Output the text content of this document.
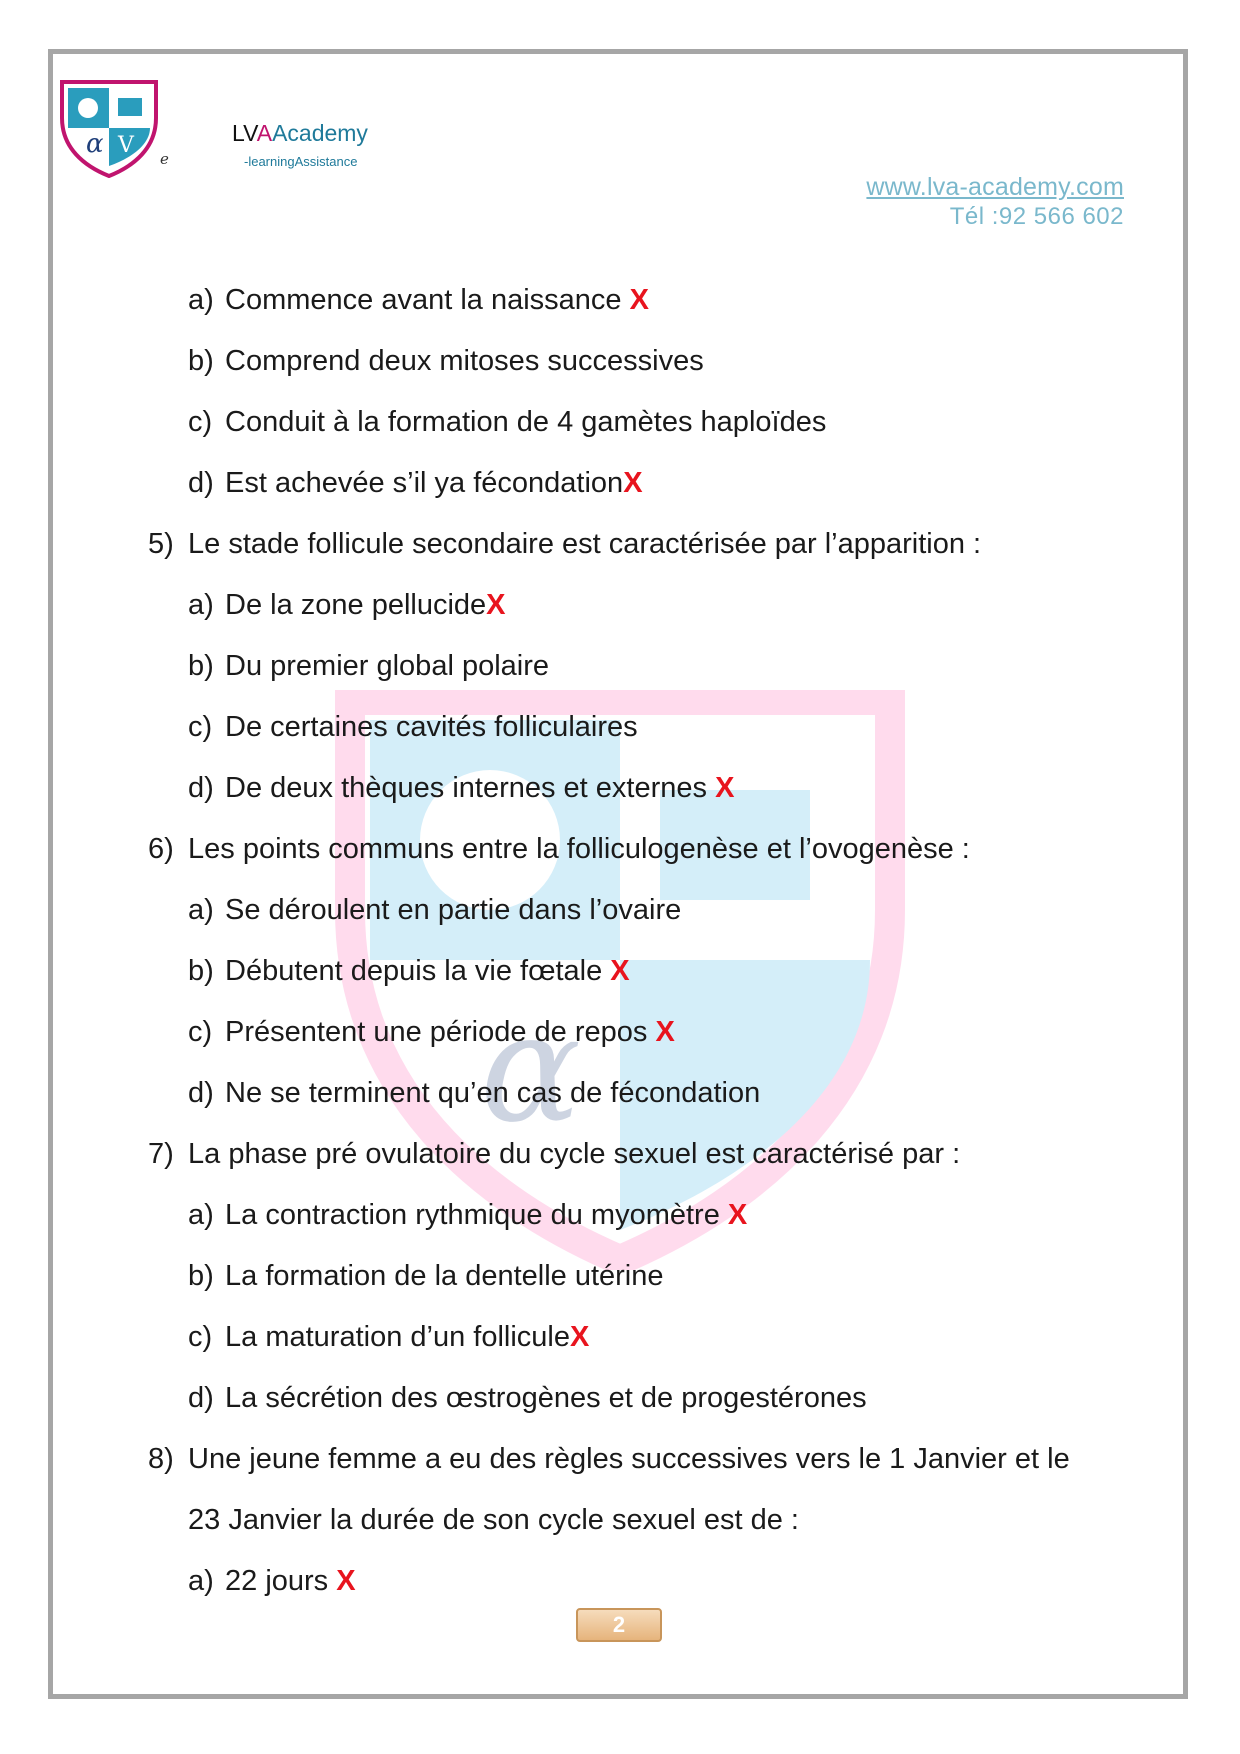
α V
e
LVAAcademy
-learningAssistance
www.lva-academy.com
Tél :92 566 602
α
a) Commence avant la naissance X
b) Comprend deux mitoses successives
c) Conduit à la formation de 4 gamètes haploïdes
d) Est achevée s’il ya fécondationX
5) Le stade follicule secondaire est caractérisée par l’apparition :
a) De la zone pellucideX
b) Du premier global polaire
c) De certaines cavités folliculaires
d) De deux thèques internes et externes X
6) Les points communs entre la folliculogenèse et l’ovogenèse :
a) Se déroulent en partie dans l’ovaire
b) Débutent depuis la vie fœtale X
c) Présentent une période de repos X
d) Ne se terminent qu’en cas de fécondation
7) La phase pré ovulatoire du cycle sexuel est caractérisé par :
a) La contraction rythmique du myomètre X
b) La formation de la dentelle utérine
c) La maturation d’un folliculeX
d) La sécrétion des œstrogènes et de progestérones
8) Une jeune femme a eu des règles successives vers le 1 Janvier et le
23 Janvier la durée de son cycle sexuel est de :
a) 22 jours X
2
